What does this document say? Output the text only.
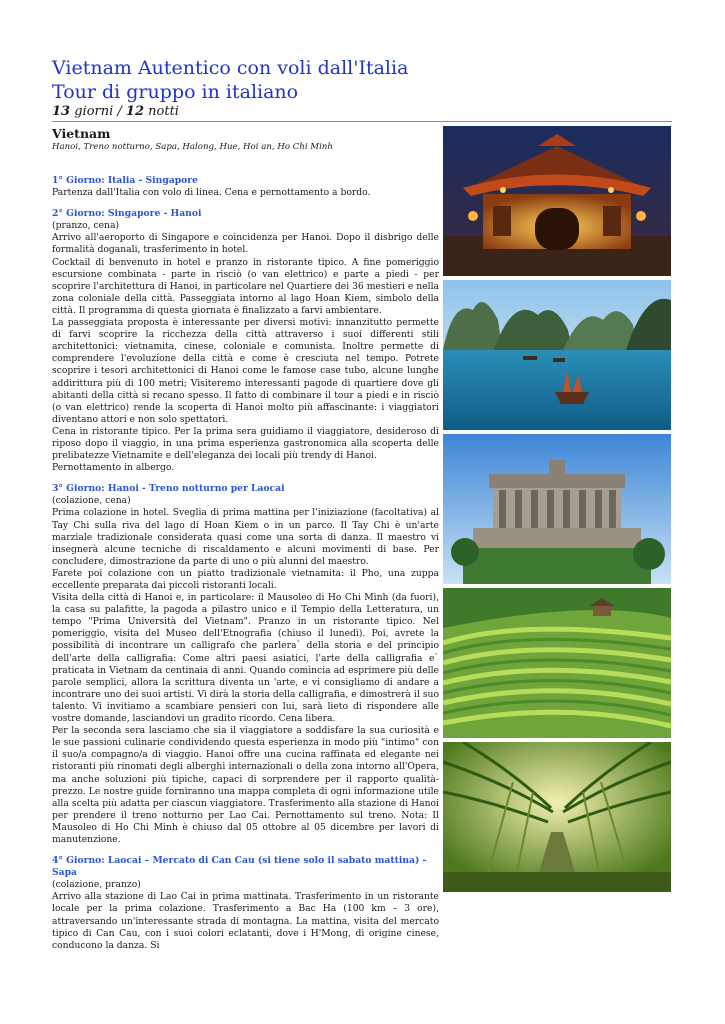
Vietnam Autentico con voli dall'Italia
Tour di gruppo in italiano
13 giorni / 12 notti
Vietnam
Hanoi, Treno notturno, Sapa, Halong, Hue, Hoi an, Ho Chi Minh
1° Giorno: Italia - Singapore

Partenza dall'Italia con volo di linea. Cena e pernottamento a bordo.

2° Giorno: Singapore - Hanoi

(pranzo, cena)

Arrivo all'aeroporto di Singapore e coincidenza per Hanoi. Dopo il disbrigo delle formalità doganali, trasferimento in hotel.

Cocktail di benvenuto in hotel e pranzo in ristorante tipico. A fine pomeriggio escursione combinata - parte in risciò (o van elettrico) e parte a piedi - per scoprire l'architettura di Hanoi, in particolare nel Quartiere dei 36 mestieri e nella zona coloniale della città. Passeggiata intorno al lago Hoan Kiem, simbolo della città. Il programma di questa giornata è finalizzato a farvi ambientare.

La passeggiata proposta è interessante per diversi motivi: innanzitutto permette di farvi scoprire la ricchezza della città attraverso i suoi differenti stili architettonici: vietnamita, cinese, coloniale e comunista. Inoltre permette di comprendere l'evoluzione della città e come è cresciuta nel tempo. Potrete scoprire i tesori architettonici di Hanoi come le famose case tubo, alcune lunghe addirittura più di 100 metri; Visiteremo interessanti pagode di quartiere dove gli abitanti della città si recano spesso. Il fatto di combinare il tour a piedi e in risciò (o van elettrico) rende la scoperta di Hanoi molto più affascinante: i viaggiatori diventano attori e non solo spettatori.

Cena in ristorante tipico. Per la prima sera guidiamo il viaggiatore, desideroso di riposo dopo il viaggio, in una prima esperienza gastronomica alla scoperta delle prelibatezze Vietnamite e dell'eleganza dei locali più trendy di Hanoi.

Pernottamento in albergo.

3° Giorno: Hanoi - Treno notturno per Laocai

(colazione, cena)

Prima colazione in hotel. Sveglia di prima mattina per l'iniziazione (facoltativa) al Tay Chi sulla riva del lago di Hoan Kiem o in un parco. Il Tay Chi è un'arte marziale tradizionale considerata quasi come una sorta di danza. Il maestro vi insegnerà alcune tecniche di riscaldamento e alcuni movimenti di base. Per concludere, dimostrazione da parte di uno o più alunni del maestro.

Farete poi colazione con un piatto tradizionale vietnamita: il Pho, una zuppa eccellente preparata dai piccoli ristoranti locali.

Visita della città di Hanoi e, in particolare: il Mausoleo di Ho Chi Minh (da fuori), la casa su palafitte, la pagoda a pilastro unico e il Tempio della Letteratura, un tempo "Prima Università del Vietnam". Pranzo in un ristorante tipico. Nel pomeriggio, visita del Museo dell'Etnografia (chiuso il lunedì). Poi, avrete la possibilità di incontrare un calligrafo che parlera` della storia e del principio dell'arte della calligrafia: Come altri paesi asiatici, l'arte della calligrafia e` praticata in Vietnam da centinaia di anni. Quando comincia ad esprimere più delle parole semplici, allora la scrittura diventa un 'arte, e vi consigliamo di andare a incontrare uno dei suoi artisti. Vi dirà la storia della calligrafia, e dimostrerà il suo talento. Vi invitiamo a scambiare pensieri con lui, sarà lieto di rispondere alle vostre domande, lasciandovi un gradito ricordo. Cena libera.

Per la seconda sera lasciamo che sia il viaggiatore a soddisfare la sua curiosità e le sue passioni culinarie condividendo questa esperienza in modo più "intimo" con il suo/a compagno/a di viaggio. Hanoi offre una cucina raffinata ed elegante nei ristoranti più rinomati degli alberghi internazionali o della zona intorno all'Opera, ma anche soluzioni più tipiche, capaci di sorprendere per il rapporto qualità-prezzo. Le nostre guide forniranno una mappa completa di ogni informazione utile alla scelta più adatta per ciascun viaggiatore. Trasferimento alla stazione di Hanoi per prendere il treno notturno per Lao Cai. Pernottamento sul treno. Nota: Il Mausoleo di Ho Chi Minh è chiuso dal 05 ottobre al 05 dicembre per lavori di manutenzione.

4° Giorno: Laocai – Mercato di Can Cau (si tiene solo il sabato mattina) - Sapa

(colazione, pranzo)

Arrivo alla stazione di Lao Cai in prima mattinata. Trasferimento in un ristorante locale per la prima colazione. Trasferimento a Bac Ha (100 km – 3 ore), attraversando un'interessante strada di montagna. La mattina, visita del mercato tipico di Can Cau, con i suoi colori eclatanti, dove i H'Mong, di origine cinese, conducono la danza. Si
